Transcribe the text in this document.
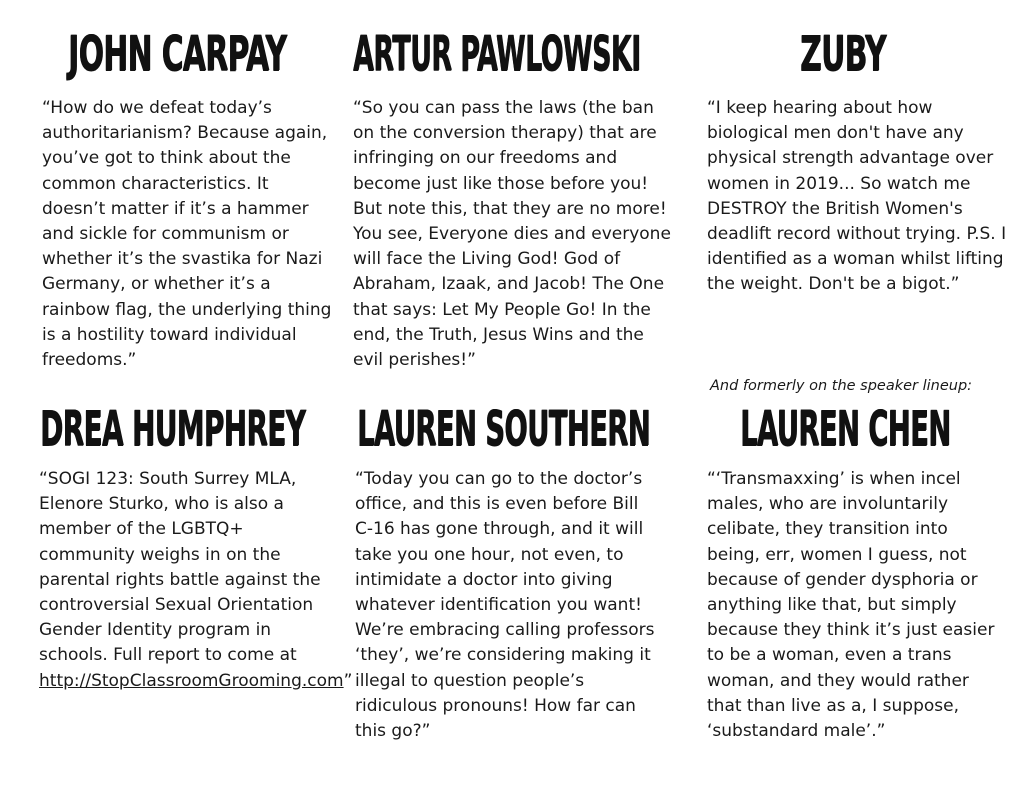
JOHN CARPAY

“How do we defeat today’s authoritarianism? Because again, you’ve got to think about the common characteristics. It doesn’t matter if it’s a hammer and sickle for communism or whether it’s the svastika for Nazi Germany, or whether it’s a rainbow flag, the underlying thing is a hostility toward individual freedoms.”

ARTUR PAWLOWSKI

“So you can pass the laws (the ban on the conversion therapy) that are infringing on our freedoms and become just like those before you! But note this, that they are no more! You see, Everyone dies and everyone will face the Living God! God of Abraham, Izaak, and Jacob! The One that says: Let My People Go! In the end, the Truth, Jesus Wins and the evil perishes!”

ZUBY

“I keep hearing about how biological men don't have any physical strength advantage over women in 2019... So watch me DESTROY the British Women's deadlift record without trying. P.S. I identified as a woman whilst lifting the weight. Don't be a bigot.”

DREA HUMPHREY

“SOGI 123: South Surrey MLA, Elenore Sturko, who is also a member of the LGBTQ+ community weighs in on the parental rights battle against the controversial Sexual Orientation Gender Identity program in schools. Full report to come at http://StopClassroomGrooming.com”

LAUREN SOUTHERN

“Today you can go to the doctor’s office, and this is even before Bill C-16 has gone through, and it will take you one hour, not even, to intimidate a doctor into giving whatever identification you want! We’re embracing calling professors ‘they’, we’re considering making it illegal to question people’s ridiculous pronouns! How far can this go?”

And formerly on the speaker lineup:
LAUREN CHEN

“‘Transmaxxing’ is when incel males, who are involuntarily celibate, they transition into being, err, women I guess, not because of gender dysphoria or anything like that, but simply because they think it’s just easier to be a woman, even a trans woman, and they would rather that than live as a, I suppose, ‘substandard male’.”
